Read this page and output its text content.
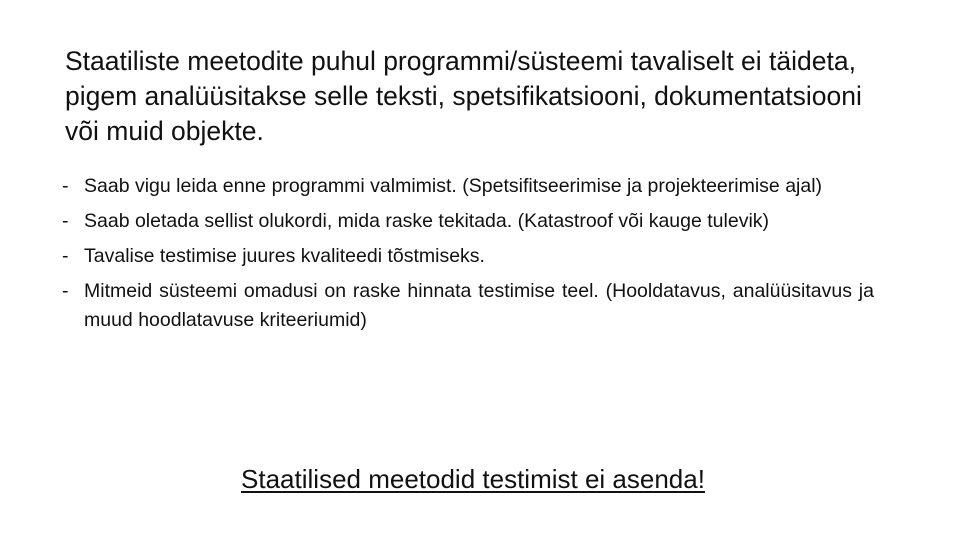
Staatiliste meetodite puhul programmi/süsteemi tavaliselt ei täideta, pigem analüüsitakse selle teksti, spetsifikatsiooni, dokumentatsiooni või muid objekte.

- Saab vigu leida enne programmi valmimist. (Spetsifitseerimise ja projekteerimise ajal)
- Saab oletada sellist olukordi, mida raske tekitada. (Katastroof või kauge tulevik)
- Tavalise testimise juures kvaliteedi tõstmiseks.
- Mitmeid süsteemi omadusi on raske hinnata testimise teel. (Hooldatavus, analüüsitavus ja muud hoodlatavuse kriteeriumid)

Staatilised meetodid testimist ei asenda!
